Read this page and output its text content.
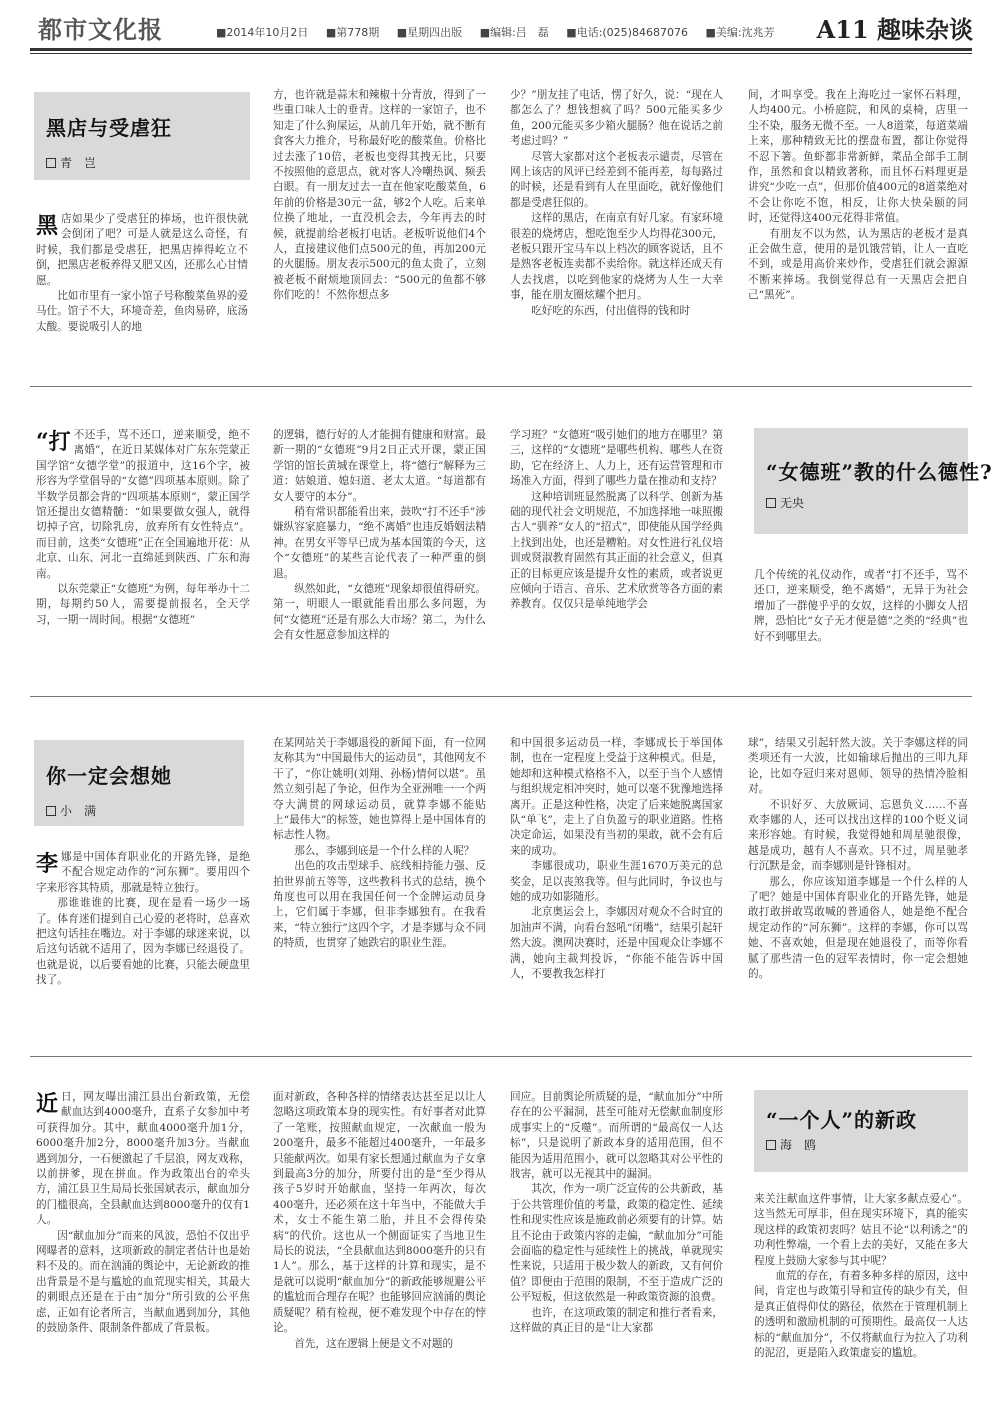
都市文化报	■2014年10月2日 ■第778期 ■星期四出版 ■编辑:吕　磊 ■电话:(025)84687076 ■美编:沈兆芳	A11 趣味杂谈
黑店与受虐狂
青　岂

黑店如果少了受虐狂的捧场，也许很快就会倒闭了吧？可是人就是这么奇怪，有时候，我们都是受虐狂，把黑店捧得屹立不倒，把黑店老板养得又肥又凶，还那么心甘情愿。

比如市里有一家小馆子号称酸菜鱼界的爱马仕。馆子不大，环境奇差，鱼肉易碎，底汤太酸。要说吸引人的地

方，也许就是蒜末和辣椒十分青放，得到了一些重口味人士的垂青。这样的一家馆子，也不知走了什么狗屎运，从前几年开始，就不断有食客大力推介，号称最好吃的酸菜鱼。价格比过去涨了10倍，老板也变得其拽无比，只要不按照他的意思点，就对客人冷嘲热讽、频丢白眼。有一朋友过去一直在他家吃酸菜鱼，6年前的价格是30元一盆，够2个人吃。后来单位换了地址，一直没机会去，今年再去的时候，就提前给老板打电话。老板听说他们4个人，直接建议他们点500元的鱼，再加200元的火腿肠。朋友表示500元的鱼太贵了，立刻被老板不耐烦地顶回去：“500元的鱼都不够你们吃的！不然你想点多

少？”朋友挂了电话，愣了好久，说：“现在人都怎么了？想钱想疯了吗？500元能买多少鱼，200元能买多少箱火腿肠？他在说话之前考虑过吗？”

尽管大家都对这个老板表示谴责，尽管在网上该店的风评已经差到不能再差，每每路过的时候，还是看到有人在里面吃，就好像他们都是受虐狂似的。

这样的黑店，在南京有好几家。有家环境很差的烧烤店，想吃饱至少人均得花300元，老板只跟开宝马车以上档次的顾客说话，且不是熟客老板连卖都不卖给你。就这样还成天有人去找虐，以吃到他家的烧烤为人生一大幸事，能在朋友圈炫耀个把月。

吃好吃的东西，付出值得的钱和时

间，才叫享受。我在上海吃过一家怀石料理，人均400元。小桥庭院，和风的桌椅，店里一尘不染，服务无微不至。一人8道菜，每道菜端上来，那种精致无比的摆盘布置，都让你觉得不忍下箸。鱼虾都非常新鲜，菜品全部手工制作，虽然和食以精致著称，而且怀石料理更是讲究“少吃一点”，但那价值400元的8道菜绝对不会让你吃不饱，相反，让你大快朵颐的同时，还觉得这400元花得非常值。

有朋友不以为然，认为黑店的老板才是真正会做生意，使用的是饥饿营销，让人一直吃不到，或是用高价来炒作，受虐狂们就会源源不断来捧场。我倒觉得总有一天黑店会把自己“黑死”。

“打不还手，骂不还口，逆来顺受，绝不离婚”，在近日某媒体对广东东莞蒙正国学馆“女德学堂”的报道中，这16个字，被形容为学堂倡导的“女德”四项基本原则。除了半数学员都会背的“四项基本原则”，蒙正国学馆还提出女德精髓：“如果要做女强人，就得切掉子宫，切除乳房，放弃所有女性特点”。而目前，这类“女德班”正在全国遍地开花：从北京、山东、河北一直绵延到陕西、广东和海南。

以东莞蒙正“女德班”为例，每年举办十二期，每期约50人，需要提前报名，全天学习，一期一周时间。根据“女德班”

的逻辑，德行好的人才能拥有健康和财富。最新一期的“女德班”9月2日正式开课，蒙正国学馆的馆长黄城在课堂上，将“德行”解释为三道：姑娘道、媳妇道、老太太道。“每道都有女人要守的本分”。

稍有常识都能看出来，鼓吹“打不还手”涉嫌纵容家庭暴力，“绝不离婚”也违反婚姻法精神。在男女平等早已成为基本国策的今天，这个“女德班”的某些言论代表了一种严重的倒退。

纵然如此，“女德班”现象却很值得研究。第一，明眼人一眼就能看出那么多问题，为何“女德班”还是有那么大市场？第二，为什么会有女性愿意参加这样的

学习班？“女德班”吸引她们的地方在哪里？第三，这样的“女德班”是哪些机构、哪些人在资助，它在经济上、人力上，还有运营管理和市场准入方面，得到了哪些力量在推动和支持？

这种培训班显然脱离了以科学、创新为基础的现代社会文明规范，不加选择地一味照搬古人“驯养”女人的“招式”，即使能从国学经典上找到出处，也还是糟粕。对女性进行礼仪培训或贤淑教育固然有其正面的社会意义，但真正的目标更应该是提升女性的素质，或者说更应倾向于语言、音乐、艺术欣赏等各方面的素养教育。仅仅只是单纯地学会

“女德班”教的什么德性?
无央

几个传统的礼仪动作，或者“打不还手，骂不还口，逆来顺受，绝不离婚”，无异于为社会增加了一群傻乎乎的女奴，这样的小脚女人招牌，恐怕比“女子无才便是德”之类的“经典”也好不到哪里去。

你一定会想她
小　满

李娜是中国体育职业化的开路先锋，是绝不配合规定动作的“河东狮”。要用四个字来形容其特质，那就是特立独行。

那谁谁谁的比赛，现在是看一场少一场了。体育迷们提到自己心爱的老将时，总喜欢把这句话挂在嘴边。对于李娜的球迷来说，以后这句话就不适用了，因为李娜已经退役了。也就是说，以后要看她的比赛，只能去硬盘里找了。

在某网站关于李娜退役的新闻下面，有一位网友称其为“中国最伟大的运动员”，其他网友不干了，“你让姚明(刘翔、孙杨)情何以堪”。虽然立刻引起了争论，但作为全亚洲唯一一个两夺大满贯的网球运动员，就算李娜不能贴上“最伟大”的标签，她也算得上是中国体育的标志性人物。

那么，李娜到底是一个什么样的人呢？

出色的攻击型球手、底线相持能力强、反拍世界前五等等，这些教科书式的总结，换个角度也可以用在我国任何一个金牌运动员身上，它们属于李娜，但非李娜独有。在我看来，“特立独行”这四个字，才是李娜与众不同的特质，也贯穿了她跌宕的职业生涯。

和中国很多运动员一样，李娜成长于举国体制，也在一定程度上受益于这种模式。但是，她却和这种模式格格不入，以至于当个人感情与组织规定相冲突时，她可以毫不犹豫地选择离开。正是这种性格，决定了后来她脱离国家队“单飞”，走上了自负盈亏的职业道路。性格决定命运，如果没有当初的果敢，就不会有后来的成功。

李娜很成功，职业生涯1670万美元的总奖金，足以丧煞我等。但与此同时，争议也与她的成功如影随形。

北京奥运会上，李娜因对观众不合时宜的加油声不满，向看台怒吼“闭嘴”，结果引起轩然大波。澳网决赛时，还是中国观众让李娜不满，她向主裁判投诉，“你能不能告诉中国人，不要教我怎样打

球”，结果又引起轩然大波。关于李娜这样的同类项还有一大波，比如输球后抛出的三叩九拜论，比如夺冠归来对恩师、领导的热情冷脸相对。

不识好歹、大放厥词、忘恩负义……不喜欢李娜的人，还可以找出这样的100个贬义词来形容她。有时候，我觉得她和周星驰很像，越是成功，越有人不喜欢。只不过，周星驰孝行沉默是金，而李娜则是针锋相对。

那么，你应该知道李娜是一个什么样的人了吧？她是中国体育职业化的开路先锋，她是敢打敢拼敢骂敢喊的普通俗人，她是绝不配合规定动作的“河东狮”。这样的李娜，你可以骂她、不喜欢她，但是现在她退役了，而等你看腻了那些清一色的冠军表情时，你一定会想她的。

近日，网友曝出浦江县出台新政策，无偿献血达到4000毫升，直系子女参加中考可获得加分。其中，献血4000毫升加1分，6000毫升加2分，8000毫升加3分。当献血遇到加分，一石便激起了千层浪，网友戏称，以前拼爹，现在拼血。作为政策出台的牵头方，浦江县卫生局局长张国斌表示，献血加分的门槛很高，全县献血达到8000毫升的仅有1人。

因“献血加分”而来的风波，恐怕不仅出乎网曝者的意料，这项新政的制定者估计也是始料不及的。而在汹涌的舆论中，无论新政的推出背景是不是与尴尬的血荒现实相关，其最大的刺眼点还是在于由“加分”所引致的公平焦虑，正如有论者所言，当献血遇到加分，其他的鼓励条件、限制条件都成了背景板。

面对新政，各种各样的情绪表达甚至足以让人忽略这项政策本身的现实性。有好事者对此算了一笔账，按照献血规定，一次献血一般为200毫升，最多不能超过400毫升，一年最多只能献两次。如果有家长想通过献血为子女拿到最高3分的加分，所要付出的是“至少得从孩子5岁时开始献血，坚持一年两次，每次400毫升，还必须在这十年当中，不能做大手术，女士不能生第二胎，并且不会得传染病”的代价。这也从一个侧面证实了当地卫生局长的说法，“全县献血达到8000毫升的只有1人”。那么，基于这样的计算和现实，是不是就可以说明“献血加分”的新政能够规避公平的尴尬而合理存在呢？也能够回应汹涌的舆论质疑呢？稍有检视，便不难发现个中存在的悖论。

首先，这在逻辑上便是文不对题的

回应。目前舆论所质疑的是，“献血加分”中所存在的公平漏洞，甚至可能对无偿献血制度形成事实上的“反噬”。而所谓的“最高仅一人达标”，只是说明了新政本身的适用范围，但不能因为适用范围小，就可以忽略其对公平性的戕害，就可以无视其中的漏洞。

其次，作为一项广泛宣传的公共新政，基于公共管理价值的考量，政策的稳定性、延续性和现实性应该是施政前必须要有的计算。姑且不论由于政策内容的走偏，“献血加分”可能会面临的稳定性与延续性上的挑战，单就现实性来说，只适用于极少数人的新政，又有何价值？即便由于范围的限制，不至于造成广泛的公平短板，但这依然是一种政策资源的浪费。

也许，在这项政策的制定和推行者看来，这样做的真正目的是“让大家都

“一个人”的新政
海　鸥

来关注献血这件事情，让大家多献点爱心”。这当然无可厚非，但在现实环境下，真的能实现这样的政策初衷吗？姑且不论“以利诱之”的功利性弊端，一个看上去的美好，又能在多大程度上鼓励大家参与其中呢？

血荒的存在，有着多种多样的原因，这中间，肯定也与政策引导和宣传的缺少有关，但是真正值得仰仗的路径，依然在于管理机制上的透明和激励机制的可预期性。最高仅一人达标的“献血加分”，不仅将献血行为拉入了功利的泥沼，更是陷入政策虚妄的尴尬。
